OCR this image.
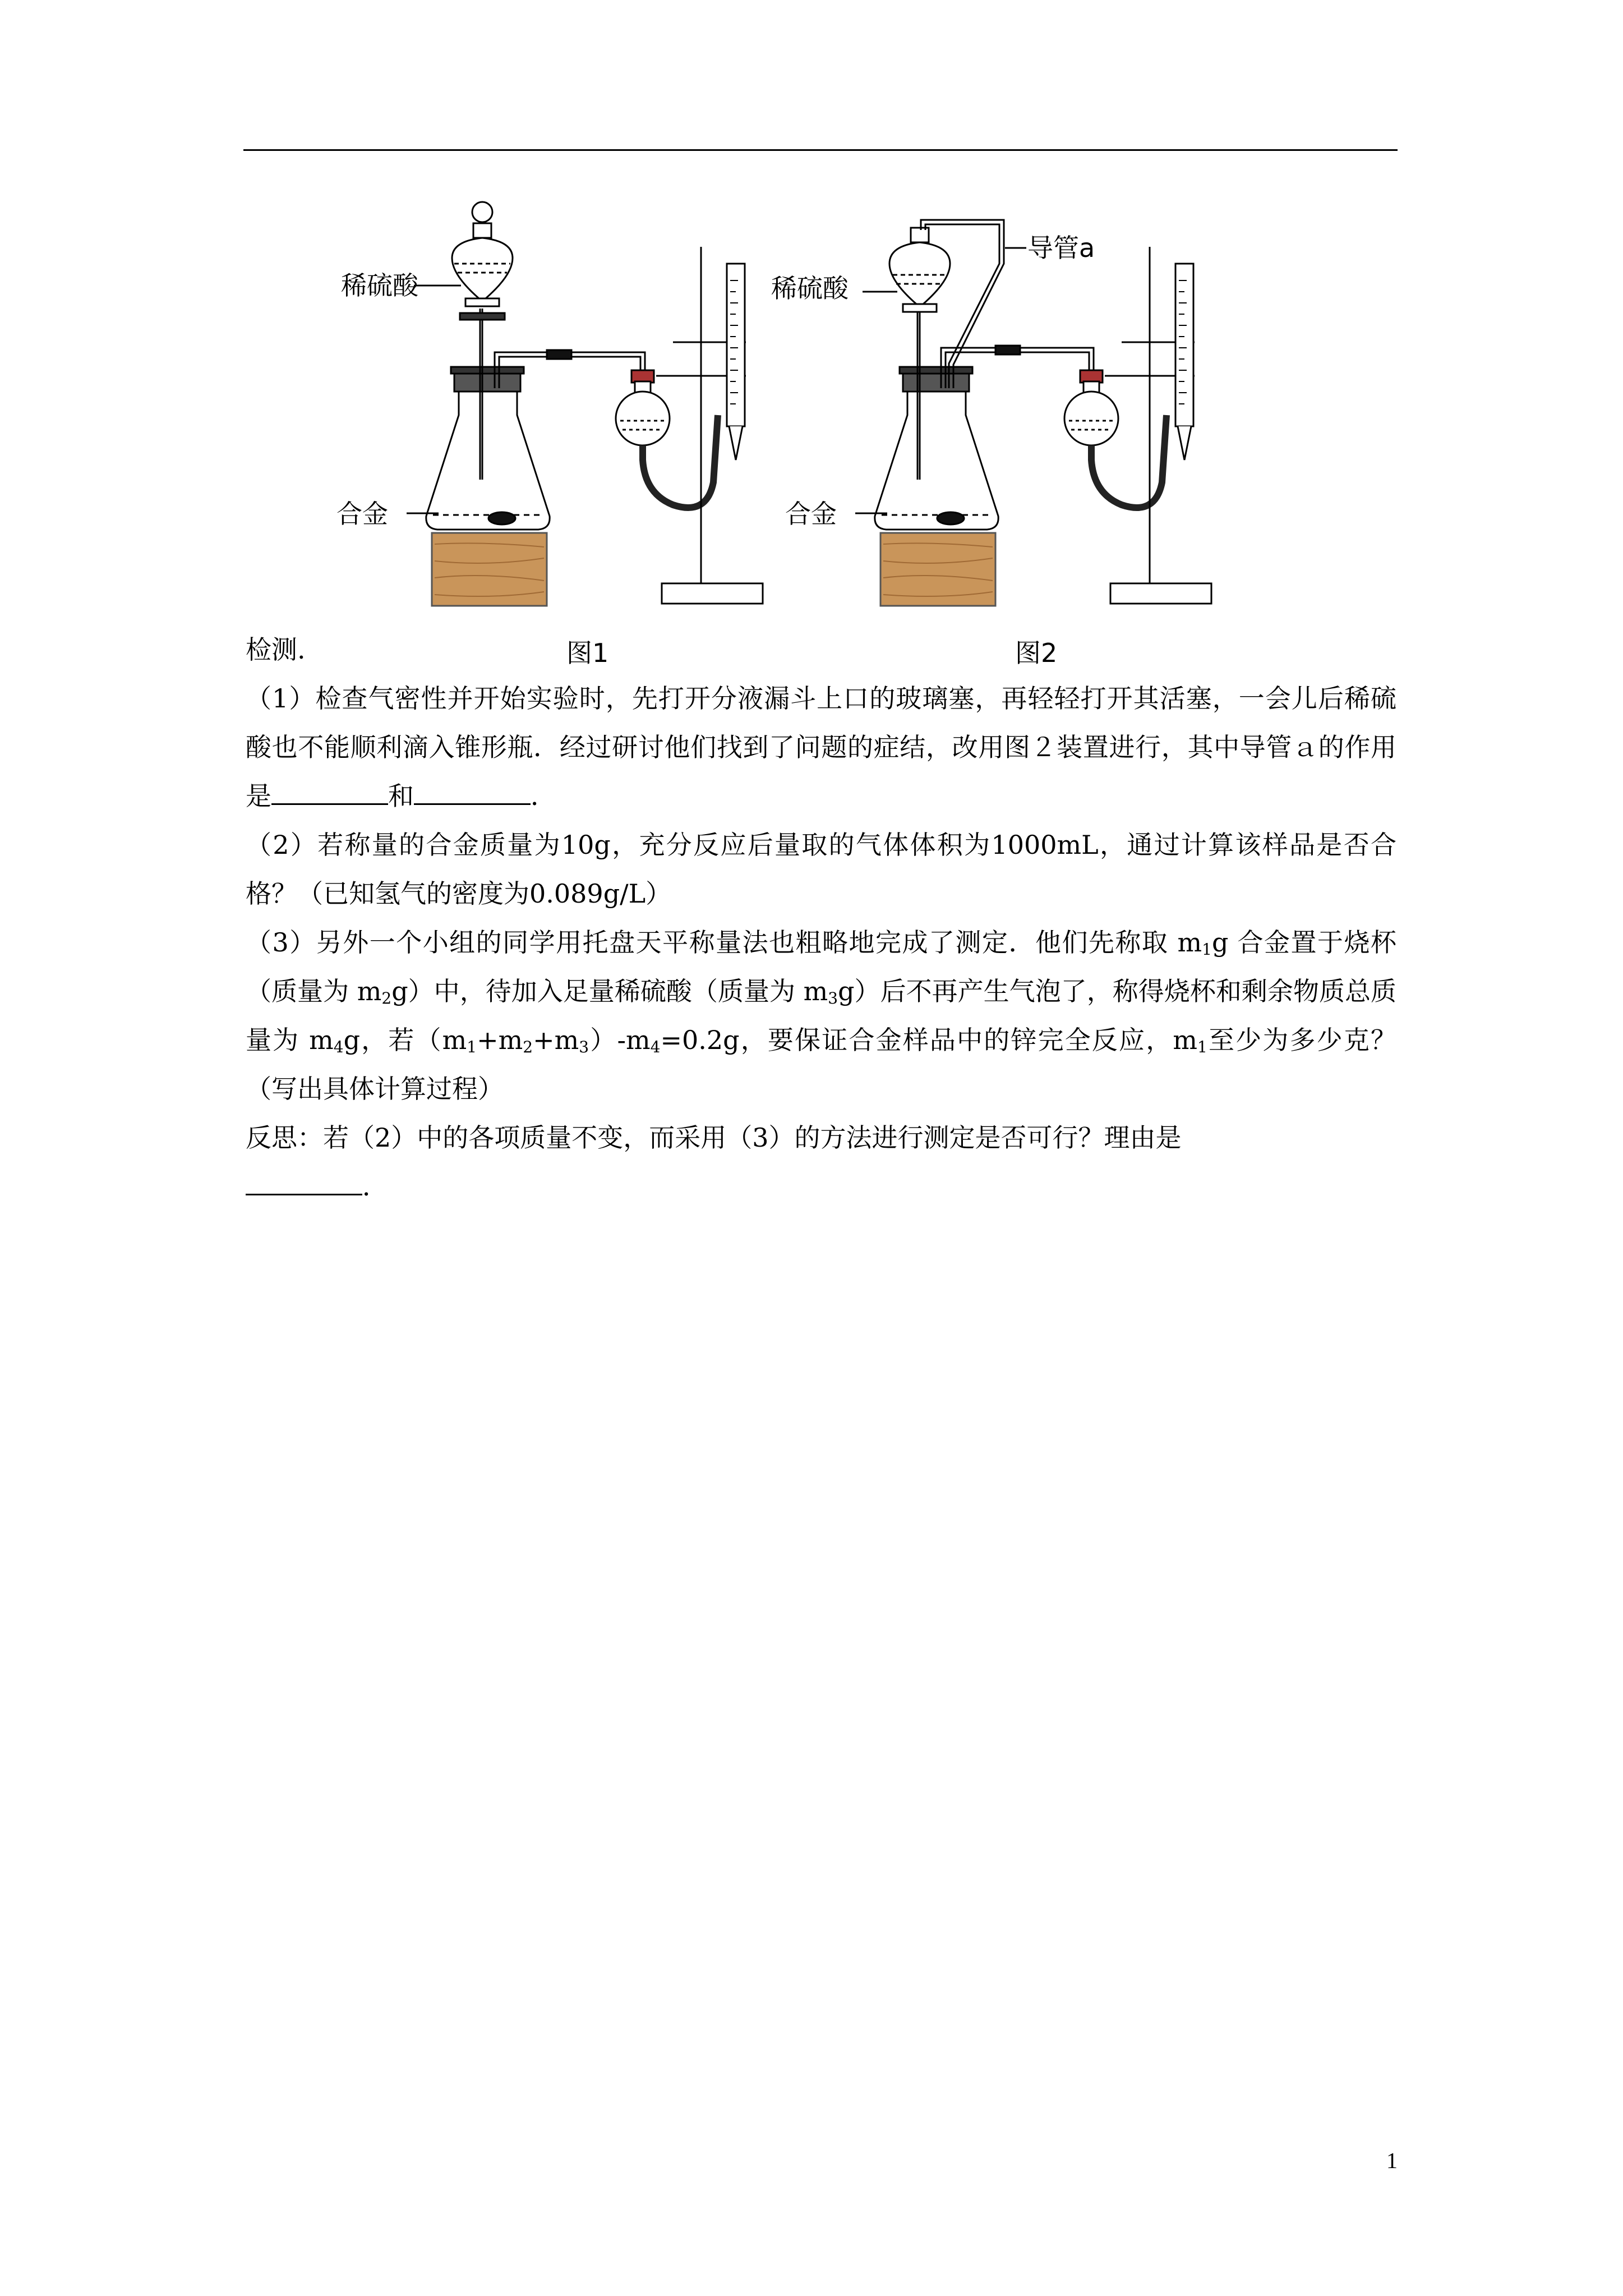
稀硫酸
合金
图1
稀硫酸
合金
导管a
图2

检测.

（1）检查气密性并开始实验时，先打开分液漏斗上口的玻璃塞，再轻轻打开其活塞，一会儿后稀硫酸也不能顺利滴入锥形瓶．经过研讨他们找到了问题的症结，改用图２装置进行，其中导管ａ的作用是	和	．

（2）若称量的合金质量为10g，充分反应后量取的气体体积为1000mL，通过计算该样品是否合格？（已知氢气的密度为0.089g/L）

（3）另外一个小组的同学用托盘天平称量法也粗略地完成了测定．他们先称取 $m_1g$ 合金置于烧杯（质量为 $m_2g$）中，待加入足量稀硫酸（质量为 $m_3g$）后不再产生气泡了，称得烧杯和剩余物质总质量为 $m_4g$，若$(m_1+m_2+m_3)-m_4=0.2g$，要保证合金样品中的锌完全反应，$m_1$至少为多少克？（写出具体计算过程）

反思：若（2）中的各项质量不变，而采用（3）的方法进行测定是否可行？理由是
．

1
